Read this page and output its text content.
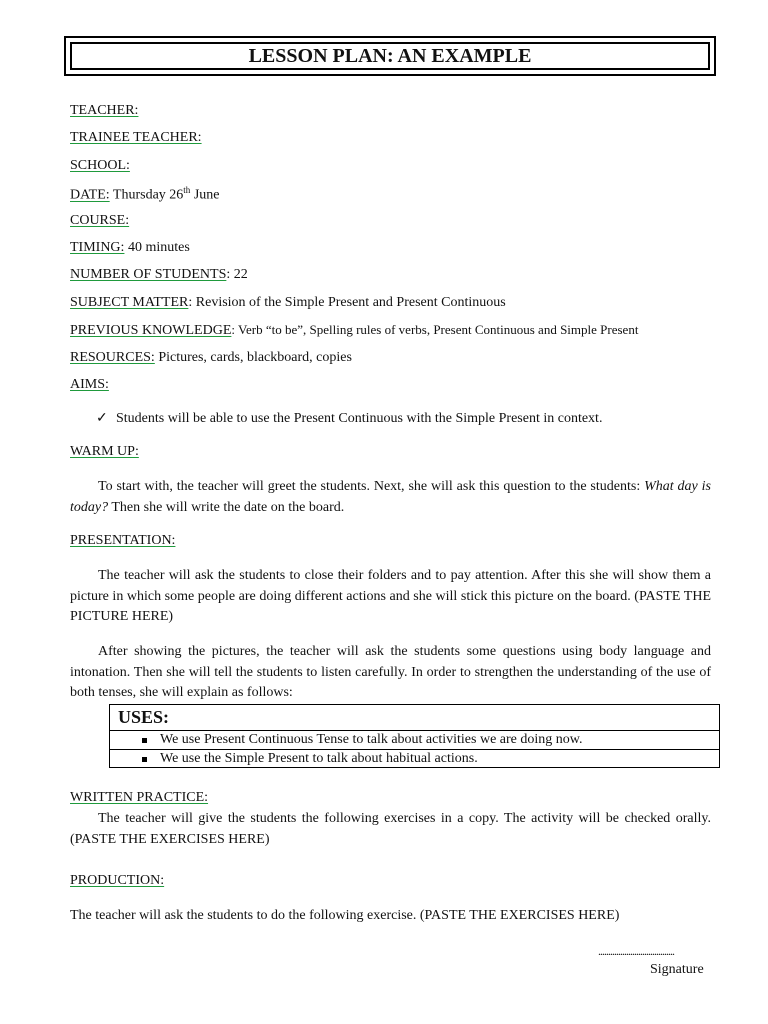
LESSON PLAN: AN EXAMPLE
TEACHER:
TRAINEE TEACHER:
SCHOOL:
DATE: Thursday 26th June
COURSE:
TIMING: 40 minutes
NUMBER OF STUDENTS: 22
SUBJECT MATTER: Revision of the Simple Present and Present Continuous
PREVIOUS KNOWLEDGE: Verb “to be”, Spelling rules of verbs, Present Continuous and Simple Present
RESOURCES: Pictures, cards, blackboard, copies
AIMS:
✓ Students will be able to use the Present Continuous with the Simple Present in context.
WARM UP:

To start with, the teacher will greet the students. Next, she will ask this question to the students: What day is today? Then she will write the date on the board.

PRESENTATION:

The teacher will ask the students to close their folders and to pay attention. After this she will show them a picture in which some people are doing different actions and she will stick this picture on the board. (PASTE THE PICTURE HERE)

After showing the pictures, the teacher will ask the students some questions using body language and intonation. Then she will tell the students to listen carefully. In order to strengthen the understanding of the use of both tenses, she will explain as follows:

USES:
We use Present Continuous Tense to talk about activities we are doing now.
We use the Simple Present to talk about habitual actions.
WRITTEN PRACTICE:

The teacher will give the students the following exercises in a copy. The activity will be checked orally. (PASTE THE EXERCISES HERE)

PRODUCTION:

The teacher will ask the students to do the following exercise. (PASTE THE EXERCISES HERE)

......................................
Signature
